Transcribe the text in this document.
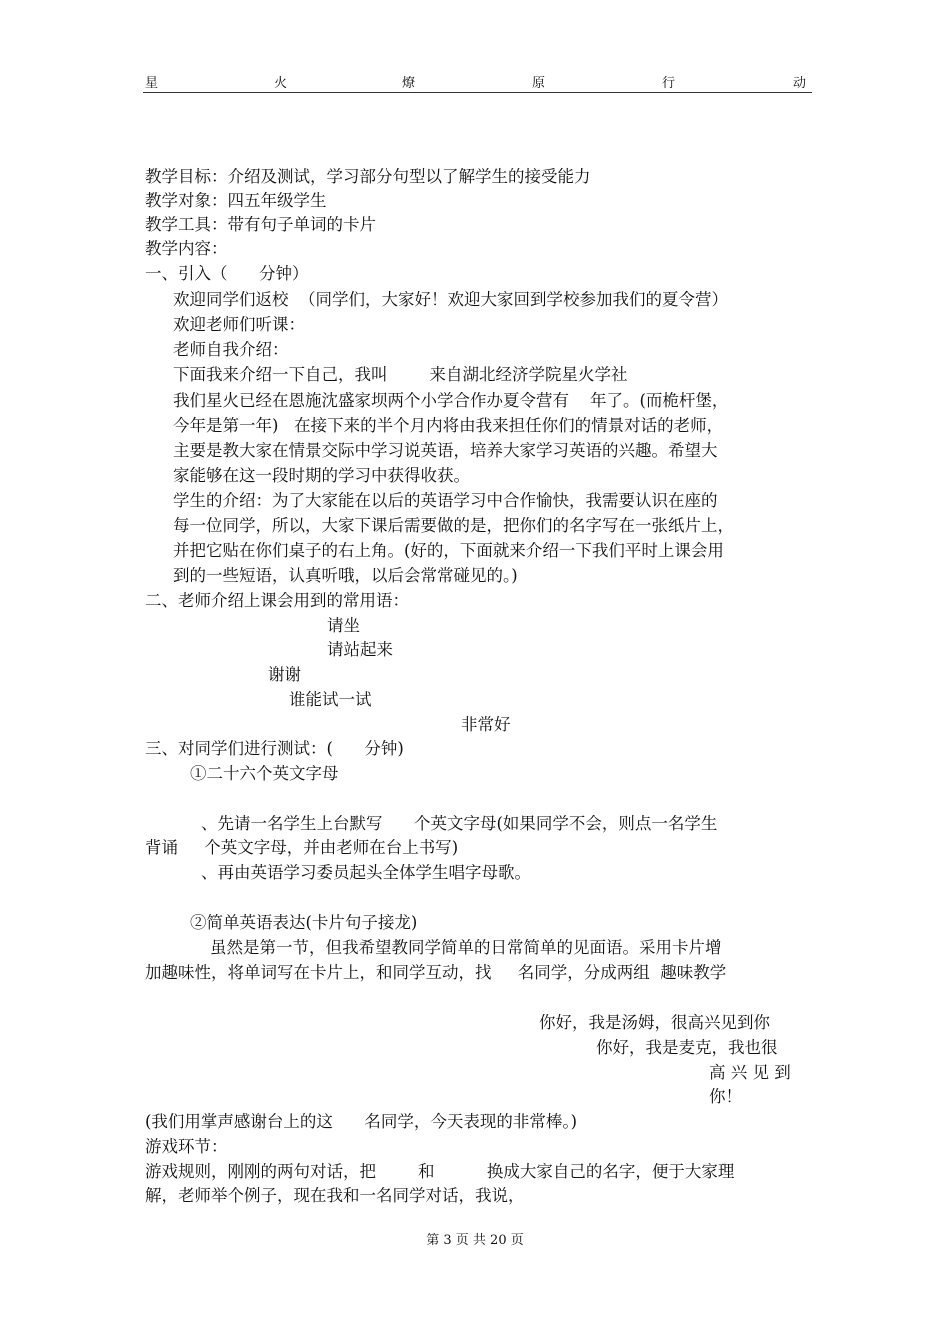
星	火	燎	原	行	动

教学目标：介绍及测试，学习部分句型以了解学生的接受能力

教学对象：四五年级学生

教学工具：带有句子单词的卡片

教学内容：

一、引入（      分钟）

欢迎同学们返校  （同学们，大家好！欢迎大家回到学校参加我们的夏令营）

欢迎老师们听课：

老师自我介绍：

下面我来介绍一下自己，我叫        来自湖北经济学院星火学社

我们星火已经在恩施沈盛家坝两个小学合作办夏令营有    年了。(而桅杆堡，

今年是第一年)   在接下来的半个月内将由我来担任你们的情景对话的老师，

主要是教大家在情景交际中学习说英语，培养大家学习英语的兴趣。希望大

家能够在这一段时期的学习中获得收获。

学生的介绍：为了大家能在以后的英语学习中合作愉快，我需要认识在座的

每一位同学，所以，大家下课后需要做的是，把你们的名字写在一张纸片上，

并把它贴在你们桌子的右上角。(好的，下面就来介绍一下我们平时上课会用

到的一些短语，认真听哦，以后会常常碰见的。)

二、老师介绍上课会用到的常用语：

请坐

请站起来

谢谢

谁能试一试

非常好

三、对同学们进行测试：(      分钟)

①二十六个英文字母

、先请一名学生上台默写      个英文字母(如果同学不会，则点一名学生

背诵     个英文字母，并由老师在台上书写)

、再由英语学习委员起头全体学生唱字母歌。

②简单英语表达(卡片句子接龙)

虽然是第一节，但我希望教同学简单的日常简单的见面语。采用卡片增

加趣味性，将单词写在卡片上，和同学互动，找     名同学，分成两组  趣味教学

你好，我是汤姆，很高兴见到你

你好，我是麦克，我也很

高 兴 见 到

你！

(我们用掌声感谢台上的这      名同学，今天表现的非常棒。)

游戏环节：

游戏规则，刚刚的两句对话，把        和          换成大家自己的名字，便于大家理

解，老师举个例子，现在我和一名同学对话，我说，

第 3 页 共 20 页
